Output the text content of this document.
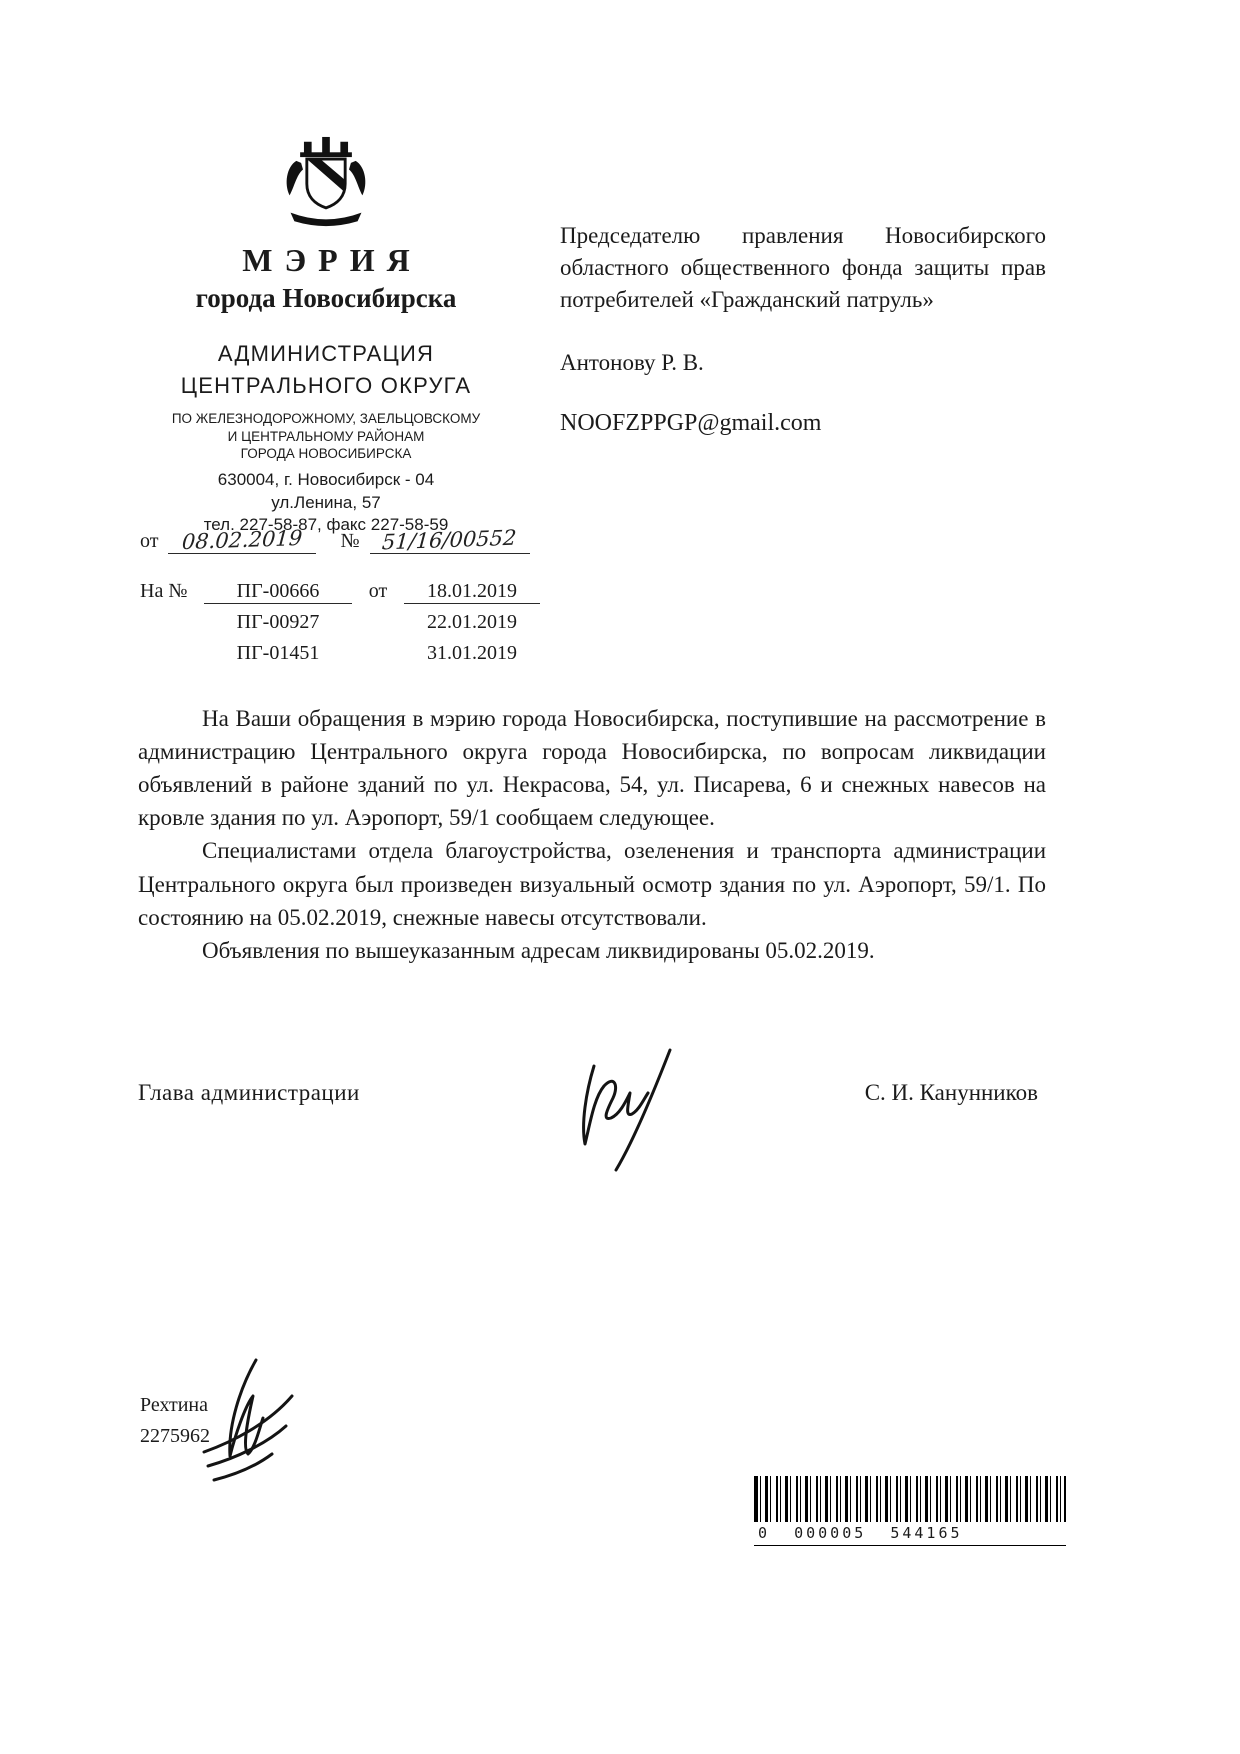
МЭРИЯ
города Новосибирска
АДМИНИСТРАЦИЯ
ЦЕНТРАЛЬНОГО ОКРУГА
ПО ЖЕЛЕЗНОДОРОЖНОМУ, ЗАЕЛЬЦОВСКОМУ
И ЦЕНТРАЛЬНОМУ РАЙОНАМ
ГОРОДА НОВОСИБИРСКА
630004, г. Новосибирск - 04
ул.Ленина, 57
тел. 227-58-87, факс 227-58-59
от	08.02.2019	№	51/16/00552
На №	ПГ-00666	от	18.01.2019
ПГ-00927	22.01.2019
ПГ-01451	31.01.2019
Председателю правления Новосибирского областного общественного фонда защиты прав потребителей «Гражданский патруль»
Антонову Р. В.
NOOFZPPGP@gmail.com

На Ваши обращения в мэрию города Новосибирска, поступившие на рассмотрение в администрацию Центрального округа города Новосибирска, по вопросам ликвидации объявлений в районе зданий по ул. Некрасова, 54, ул. Писарева, 6 и снежных навесов на кровле здания по ул. Аэропорт, 59/1 сообщаем следующее.

Специалистами отдела благоустройства, озеленения и транспорта администрации Центрального округа был произведен визуальный осмотр здания по ул. Аэропорт, 59/1. По состоянию на 05.02.2019, снежные навесы отсутствовали.

Объявления по вышеуказанным адресам ликвидированы 05.02.2019.

Глава администрации	С. И. Канунников
Рехтина
2275962
0  000005  544165
